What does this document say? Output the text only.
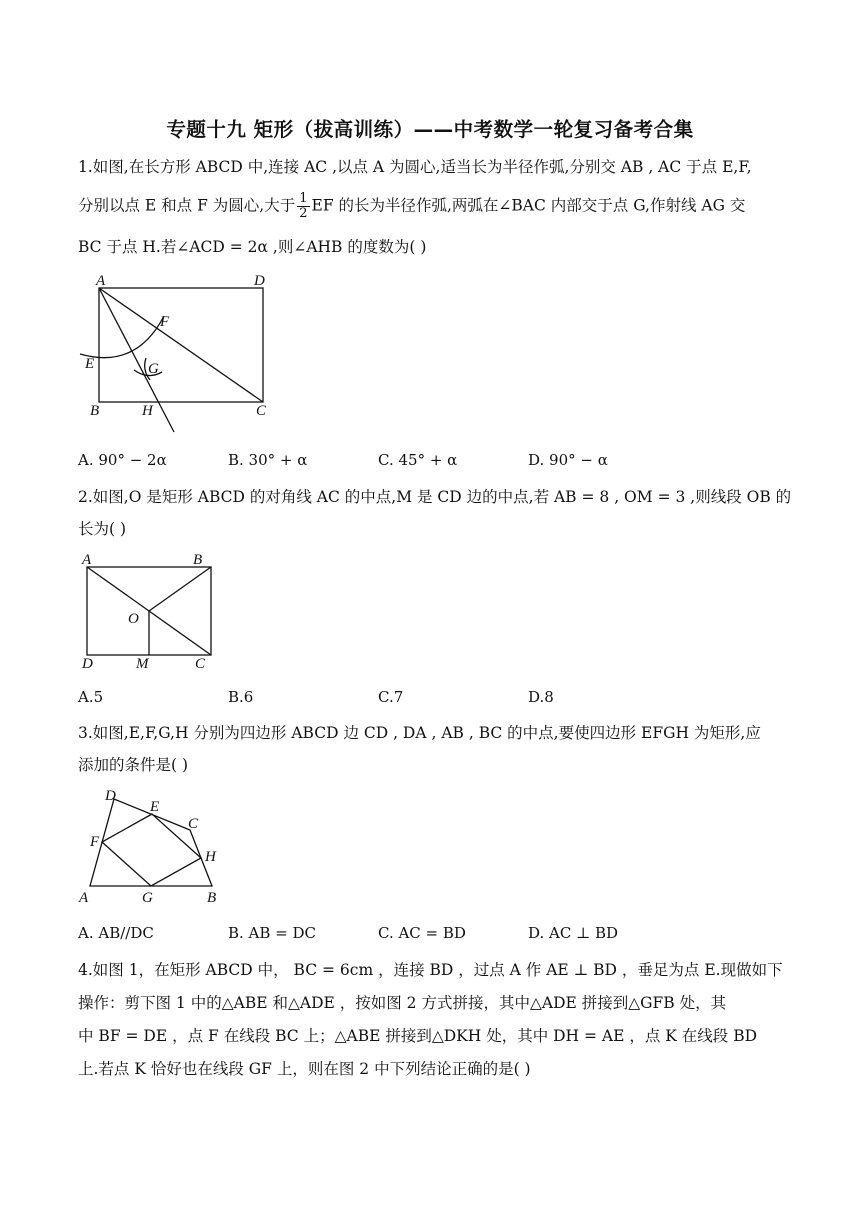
专题十九 矩形（拔高训练）——中考数学一轮复习备考合集
1.如图,在长方形 ABCD 中,连接 AC ,以点 A 为圆心,适当长为半径作弧,分别交 AB , AC 于点 E,F,
分别以点 E 和点 F 为圆心,大于 $\frac{1}{2}$ EF 的长为半径作弧,两弧在∠BAC 内部交于点 G,作射线 AG 交
BC 于点 H.若∠ACD = 2α ,则∠AHB 的度数为( )
A	D
F
E	G
B	H	C
A. 90° − 2α	B. 30° + α	C. 45° + α	D. 90° − α
2.如图,O 是矩形 ABCD 的对角线 AC 的中点,M 是 CD 边的中点,若 AB = 8 , OM = 3 ,则线段 OB 的
长为( )
A	B
O
D	M	C
A.5	B.6	C.7	D.8
3.如图,E,F,G,H 分别为四边形 ABCD 边 CD , DA , AB , BC 的中点,要使四边形 EFGH 为矩形,应
添加的条件是( )
D
E
C
F
H
A	G	B
A. AB//DC	B. AB = DC	C. AC = BD	D. AC ⊥ BD
4.如图 1，在矩形 ABCD 中， BC = 6cm ，连接 BD ，过点 A 作 AE ⊥ BD ，垂足为点 E.现做如下
操作：剪下图 1 中的△ABE 和△ADE ，按如图 2 方式拼接，其中△ADE 拼接到△GFB 处，其
中 BF = DE ，点 F 在线段 BC 上；△ABE 拼接到△DKH 处，其中 DH = AE ，点 K 在线段 BD
上.若点 K 恰好也在线段 GF 上，则在图 2 中下列结论正确的是( )
